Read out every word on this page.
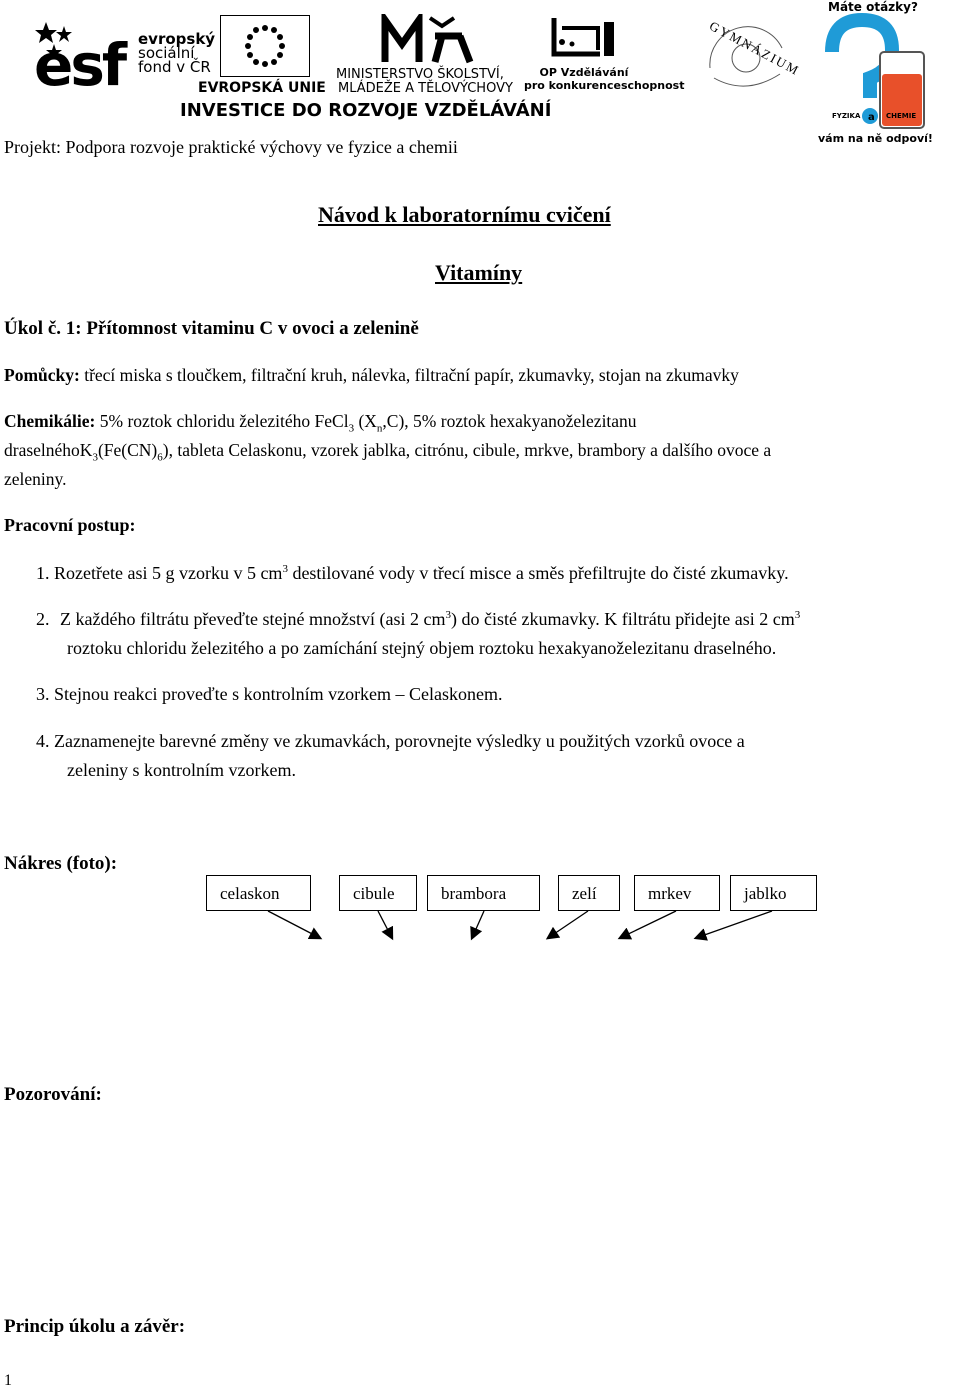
esf evropský
sociální
fond v ČR
EVROPSKÁ UNIE
MINISTERSTVO ŠKOLSTVÍ,
MLÁDEŽE A TĚLOVÝCHOVY
OP Vzdělávání
pro konkurenceschopnost
INVESTICE DO ROZVOJE VZDĚLÁVÁNÍ
GYMNÁZIUM
Máte otázky?
FYZIKA a CHEMIE
vám na ně odpoví!
Projekt: Podpora rozvoje praktické výchovy ve fyzice a chemii
Návod k laboratornímu cvičení
Vitamíny
Úkol č. 1: Přítomnost vitaminu C v ovoci a zelenině
Pomůcky: třecí miska s tloučkem, filtrační kruh, nálevka, filtrační papír, zkumavky, stojan na zkumavky
Chemikálie: 5% roztok chloridu železitého FeCl$_3$ $(X_n,C)$, 5% roztok hexakyanoželezitanu
$draselnéhoK_3(Fe(CN)_6)$, tableta Celaskonu, vzorek jablka, citrónu, cibule, mrkve, brambory a dalšího ovoce a
zeleniny.
Pracovní postup:
1. Rozetřete asi 5 g vzorku v 5 $cm^3$ destilované vody v třecí misce a směs přefiltrujte do čisté zkumavky.
2. Z každého filtrátu převeďte stejné množství (asi 2 $cm^3$) do čisté zkumavky. K filtrátu přidejte asi 2 $cm^3$
roztoku chloridu železitého a po zamíchání stejný objem roztoku hexakyanoželezitanu draselného.
3. Stejnou reakci proveďte s kontrolním vzorkem – Celaskonem.
4. Zaznamenejte barevné změny ve zkumavkách, porovnejte výsledky u použitých vzorků ovoce a
zeleniny s kontrolním vzorkem.
Nákres (foto):
celaskon	cibule	brambora	zelí	mrkev	jablko
Pozorování:
Princip úkolu a závěr:
1
